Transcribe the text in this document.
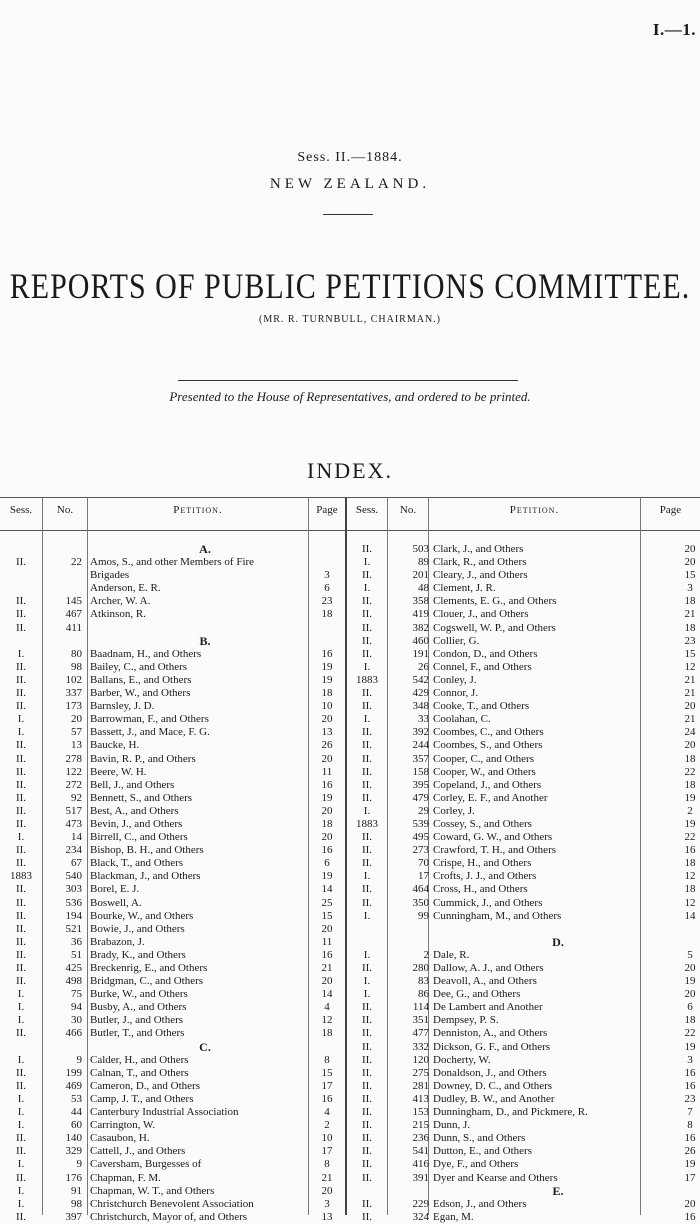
I.—1.
Sess. II.—1884.
NEW ZEALAND.
REPORTS OF PUBLIC PETITIONS COMMITTEE.
(MR. R. TURNBULL, CHAIRMAN.)
Presented to the House of Representatives, and ordered to be printed.
INDEX.
Sess.	No.	Petition.	Page	Sess.	No.	Petition.	Page
A.
II.	22 Amos, S., and other Members of Fire
Brigades	3
Anderson, E. R.	6
II.	145 Archer, W. A.	23
II.	467 Atkinson, R.	18
II.	411
B.
I.	80 Baadnam, H., and Others	16
II.	98 Bailey, C., and Others	19
II.	102 Ballans, E., and Others	19
II.	337 Barber, W., and Others	18
II.	173 Barnsley, J. D.	10
I.	20 Barrowman, F., and Others	20
I.	57 Bassett, J., and Mace, F. G.	13
II.	13 Baucke, H.	26
II.	278 Bavin, R. P., and Others	20
II.	122 Beere, W. H.	11
II.	272 Bell, J., and Others	16
II.	92 Bennett, S., and Others	19
II.	517 Best, A., and Others	20
II.	473 Bevin, J., and Others	18
I.	14 Birrell, C., and Others	20
II.	234 Bishop, B. H., and Others	16
II.	67 Black, T., and Others	6
1883	540 Blackman, J., and Others	19
II.	303 Borel, E. J.	14
II.	536 Boswell, A.	25
II.	194 Bourke, W., and Others	15
II.	521 Bowie, J., and Others	20
II.	36 Brabazon, J.	11
II.	51 Brady, K., and Others	16
II.	425 Breckenrig, E., and Others	21
II.	498 Bridgman, C., and Others	20
I.	75 Burke, W., and Others	14
I.	94 Busby, A., and Others	4
I.	30 Butler, J., and Others	12
II.	466 Butler, T., and Others	18
C.
I.	9 Calder, H., and Others	8
II.	199 Calnan, T., and Others	15
II.	469 Cameron, D., and Others	17
I.	53 Camp, J. T., and Others	16
I.	44 Canterbury Industrial Association	4
I.	60 Carrington, W.	2
II.	140 Casaubon, H.	10
II.	329 Cattell, J., and Others	17
I.	9 Caversham, Burgesses of	8
II.	176 Chapman, F. M.	21
I.	91 Chapman, W. T., and Others	20
I.	98 Christchurch Benevolent Association	3
II.	397 Christchurch, Mayor of, and Others	13
II.	503 Clark, J., and Others	20
I.	89 Clark, R., and Others	20
II.	201 Cleary, J., and Others	15
I.	48 Clement, J. R.	3
II.	358 Clements, E. G., and Others	18
II.	419 Clouer, J., and Others	21
II.	382 Cogswell, W. P., and Others	18
II.	460 Collier, G.	23
II.	191 Condon, D., and Others	15
I.	26 Connel, F., and Others	12
1883	542 Conley, J.	21
II.	429 Connor, J.	21
II.	348 Cooke, T., and Others	20
I.	33 Coolahan, C.	21
II.	392 Coombes, C., and Others	24
II.	244 Coombes, S., and Others	20
II.	357 Cooper, C., and Others	18
II.	158 Cooper, W., and Others	22
II.	395 Copeland, J., and Others	18
II.	479 Corley, E. F., and Another	19
I.	29 Corley, J.	2
1883	539 Cossey, S., and Others	19
II.	495 Coward, G. W., and Others	22
II.	273 Crawford, T. H., and Others	16
II.	70 Crispe, H., and Others	18
I.	17 Crofts, J. J., and Others	12
II.	464 Cross, H., and Others	18
II.	350 Cummick, J., and Others	12
I.	99 Cunningham, M., and Others	14
D.
I.	2 Dale, R.	5
II.	280 Dallow, A. J., and Others	20
I.	83 Deavoll, A., and Others	19
I.	86 Dee, G., and Others	20
II.	114 De Lambert and Another	6
II.	351 Dempsey, P. S.	18
II.	477 Denniston, A., and Others	22
II.	332 Dickson, G. F., and Others	19
II.	120 Docherty, W.	3
II.	275 Donaldson, J., and Others	16
II.	281 Downey, D. C., and Others	16
II.	413 Dudley, B. W., and Another	23
II.	153 Dunningham, D., and Pickmere, R.	7
II.	215 Dunn, J.	8
II.	236 Dunn, S., and Others	16
II.	541 Dutton, E., and Others	26
II.	416 Dye, F., and Others	19
II.	391 Dyer and Kearse and Others	17
E.
II.	229 Edson, J., and Others	20
II.	324 Egan, M.	16
